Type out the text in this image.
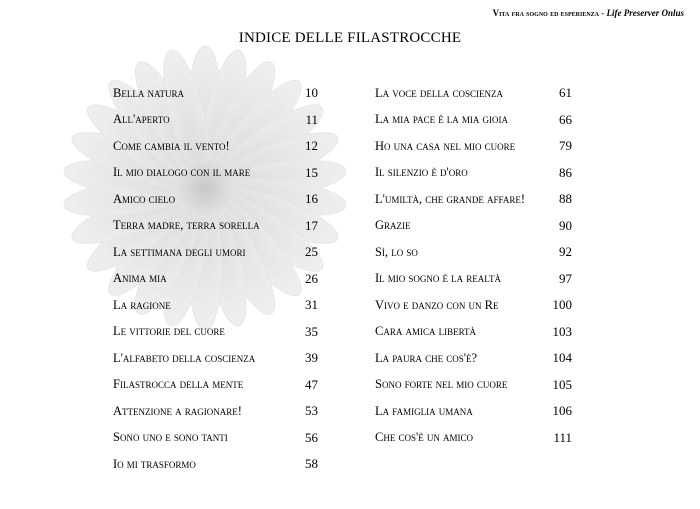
Vita fra sogno ed esperienza - Life Preserver Onlus
INDICE DELLE FILASTROCCHE
Bella natura	10
All'aperto	11
Come cambia il vento!	12
Il mio dialogo con il mare	15
Amico cielo	16
Terra madre, terra sorella	17
La settimana degli umori	25
Anima mia	26
La ragione	31
Le vittorie del cuore	35
L'alfabeto della coscienza	39
Filastrocca della mente	47
Attenzione a ragionare!	53
Sono uno e sono tanti	56
Io mi trasformo	58
La voce della coscienza	61
La mia pace è la mia gioia	66
Ho una casa nel mio cuore	79
Il silenzio è d'oro	86
L'umiltà, che grande affare!	88
Grazie	90
Sì, lo so	92
Il mio sogno è la realtà	97
Vivo e danzo con un Re	100
Cara amica libertà	103
La paura che cos'è?	104
Sono forte nel mio cuore	105
La famiglia umana	106
Che cos'è un amico	111
